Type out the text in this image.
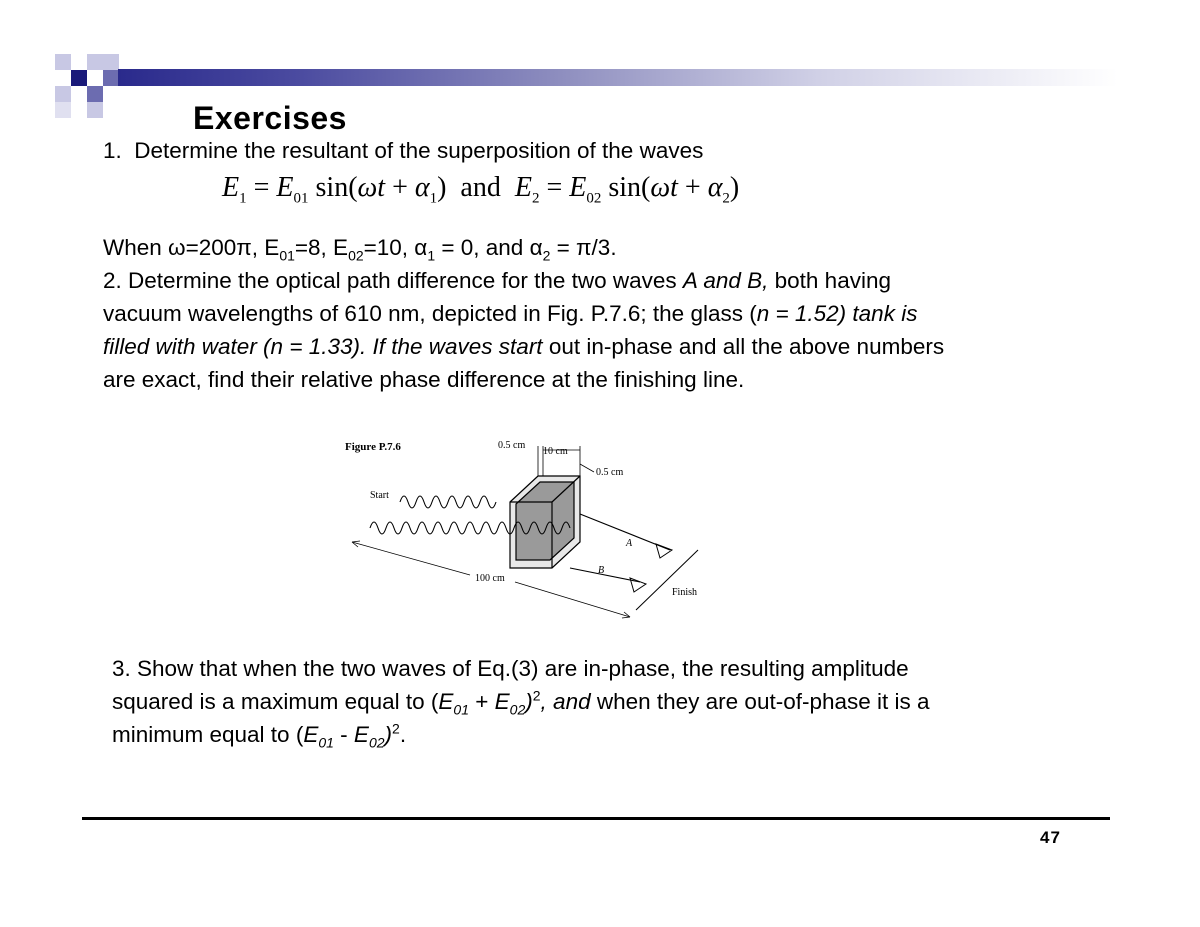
Exercises

1. Determine the resultant of the superposition of the waves

$E_1 = E_{01}$ $\sin(\omega t + \alpha_1)$ and $E_2 = E_{02}$ $\sin(\omega t + \alpha_2)$

When ω=200π, $E_{01}=8$, $E_{02}=10$, $\alpha_1 = 0$, and $\alpha_2 = \pi/3$.

2. Determine the optical path difference for the two waves A and B, both having

vacuum wavelengths of 610 nm, depicted in Fig. P.7.6; the glass (n = 1.52) tank is

filled with water (n = 1.33). If the waves start out in-phase and all the above numbers

are exact, find their relative phase difference at the finishing line.

Figure P.7.6	0.5 cm
10 cm
0.5 cm
Start
Finish
A
B
100 cm

3. Show that when the two waves of Eq.(3) are in-phase, the resulting amplitude

squared is a maximum equal to $(E_{01} + E_{02})^2$, and when they are out-of-phase it is a

minimum equal to $(E_{01} - E_{02})^2$.

47
